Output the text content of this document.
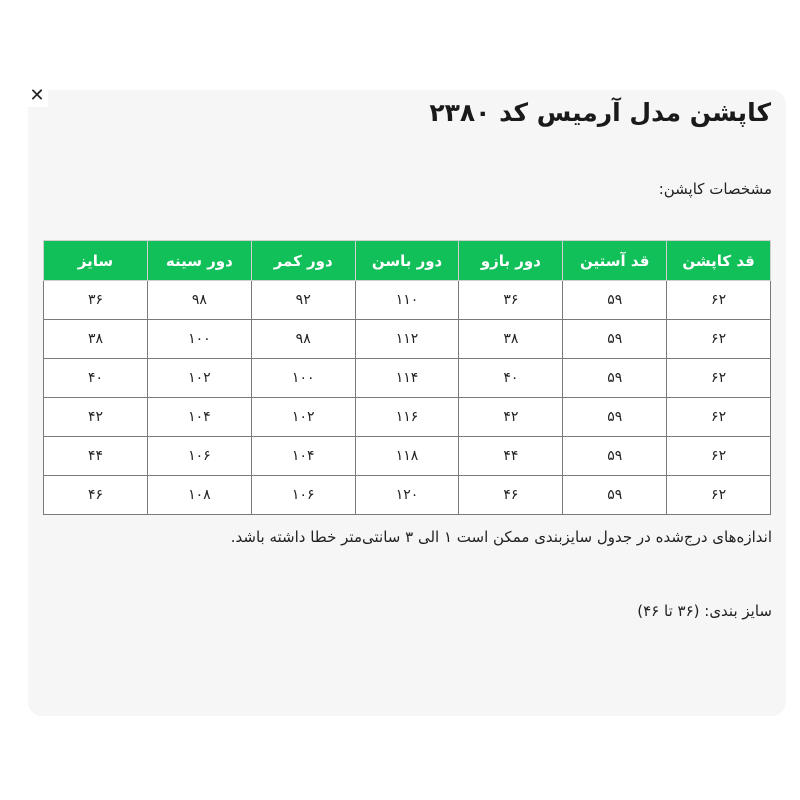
✕
کاپشن مدل آرمیس کد ۲۳۸۰
مشخصات کاپشن:
قد کاپشن	قد آستین	دور بازو	دور باسن	دور کمر	دور سینه	سایز
۶۲	۵۹	۳۶	۱۱۰	۹۲	۹۸	۳۶
۶۲	۵۹	۳۸	۱۱۲	۹۸	۱۰۰	۳۸
۶۲	۵۹	۴۰	۱۱۴	۱۰۰	۱۰۲	۴۰
۶۲	۵۹	۴۲	۱۱۶	۱۰۲	۱۰۴	۴۲
۶۲	۵۹	۴۴	۱۱۸	۱۰۴	۱۰۶	۴۴
۶۲	۵۹	۴۶	۱۲۰	۱۰۶	۱۰۸	۴۶
اندازه‌های درج‌شده در جدول سایزبندی ممکن است ۱ الی ۳ سانتی‌متر خطا داشته باشد.
سایز بندی: (۳۶ تا ۴۶)
